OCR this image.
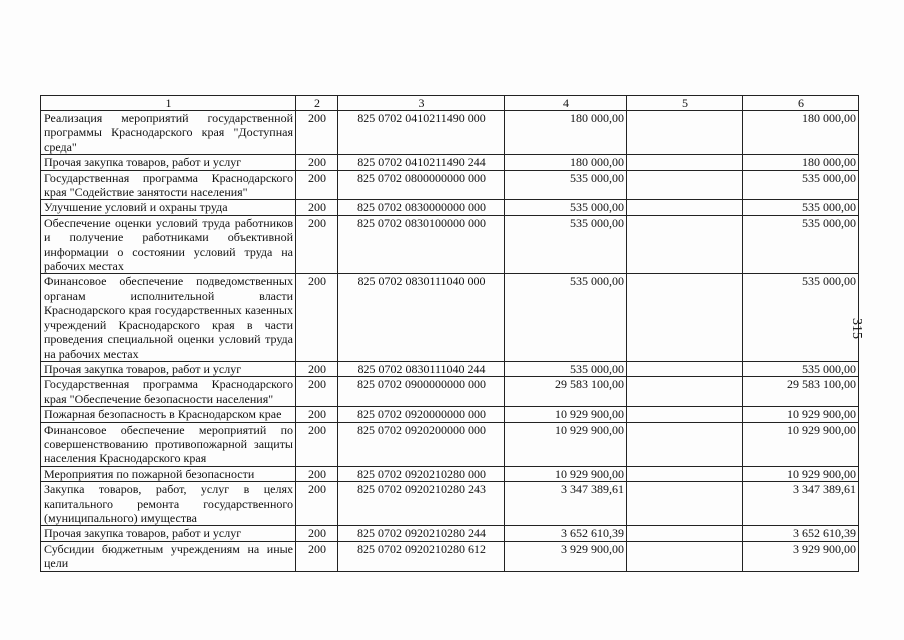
1	2	3	4	5	6
Реализация мероприятий государственной программы Краснодарского края "Доступная среда"	200	825 0702 0410211490 000	180 000,00		180 000,00
Прочая закупка товаров, работ и услуг	200	825 0702 0410211490 244	180 000,00		180 000,00
Государственная программа Краснодарского края "Содействие занятости населения"	200	825 0702 0800000000 000	535 000,00		535 000,00
Улучшение условий и охраны труда	200	825 0702 0830000000 000	535 000,00		535 000,00
Обеспечение оценки условий труда работников и получение работниками объективной информации о состоянии условий труда на рабочих местах	200	825 0702 0830100000 000	535 000,00		535 000,00
Финансовое обеспечение подведомственных органам исполнительной власти Краснодарского края государственных казенных учреждений Краснодарского края в части проведения специальной оценки условий труда на рабочих местах	200	825 0702 0830111040 000	535 000,00		535 000,00
Прочая закупка товаров, работ и услуг	200	825 0702 0830111040 244	535 000,00		535 000,00
Государственная программа Краснодарского края "Обеспечение безопасности населения"	200	825 0702 0900000000 000	29 583 100,00		29 583 100,00
Пожарная безопасность в Краснодарском крае	200	825 0702 0920000000 000	10 929 900,00		10 929 900,00
Финансовое обеспечение мероприятий по совершенствованию противопожарной защиты населения Краснодарского края	200	825 0702 0920200000 000	10 929 900,00		10 929 900,00
Мероприятия по пожарной безопасности	200	825 0702 0920210280 000	10 929 900,00		10 929 900,00
Закупка товаров, работ, услуг в целях капитального ремонта государственного (муниципального) имущества	200	825 0702 0920210280 243	3 347 389,61		3 347 389,61
Прочая закупка товаров, работ и услуг	200	825 0702 0920210280 244	3 652 610,39		3 652 610,39
Субсидии бюджетным учреждениям на иные цели	200	825 0702 0920210280 612	3 929 900,00		3 929 900,00
315
